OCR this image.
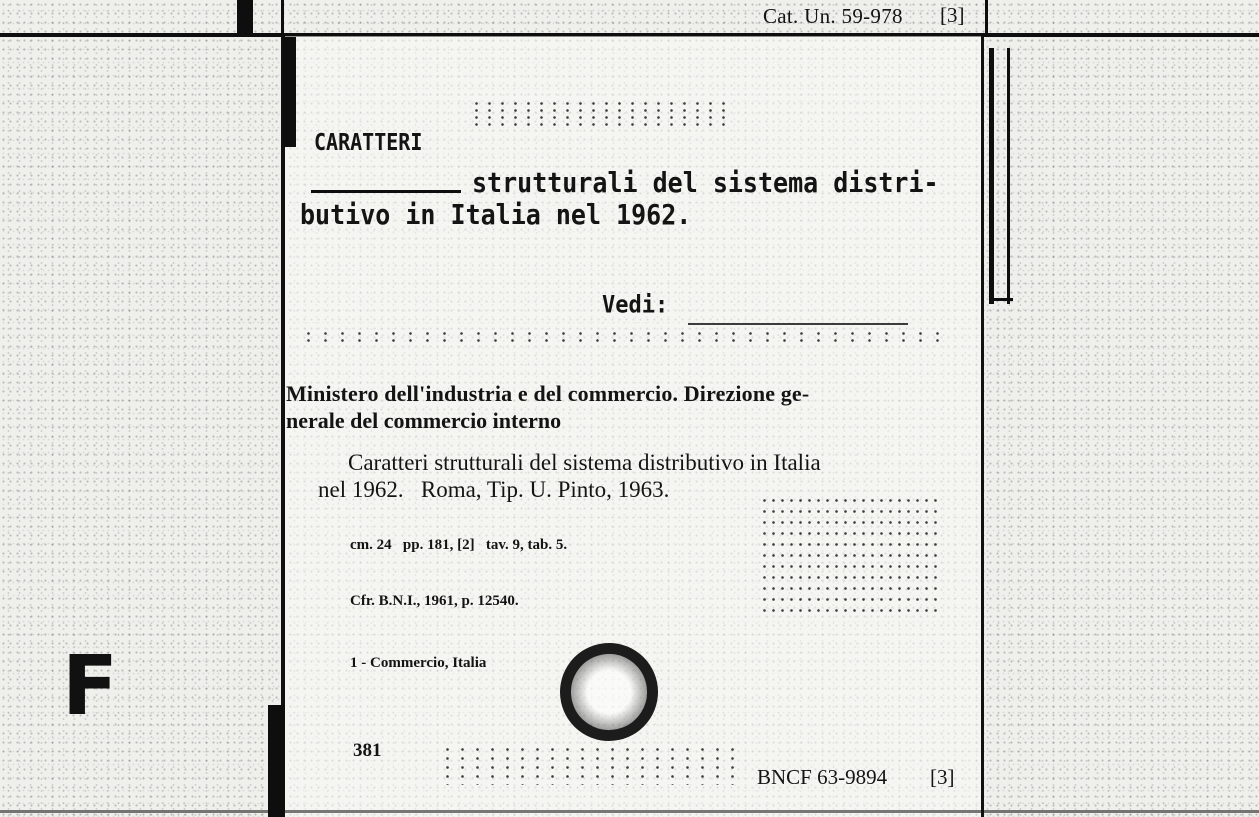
Cat. Un. 59-978 [3]
CARATTERI
strutturali del sistema distri-
butivo in Italia nel 1962.
Vedi:
Ministero dell'industria e del commercio. Direzione ge-
nerale del commercio interno
Caratteri strutturali del sistema distributivo in Italia
nel 1962.   Roma, Tip. U. Pinto, 1963.
cm. 24   pp. 181, [2]   tav. 9, tab. 5.
Cfr. B.N.I., 1961, p. 12540.
1 - Commercio, Italia
381
BNCF 63-9894 [3]
F
